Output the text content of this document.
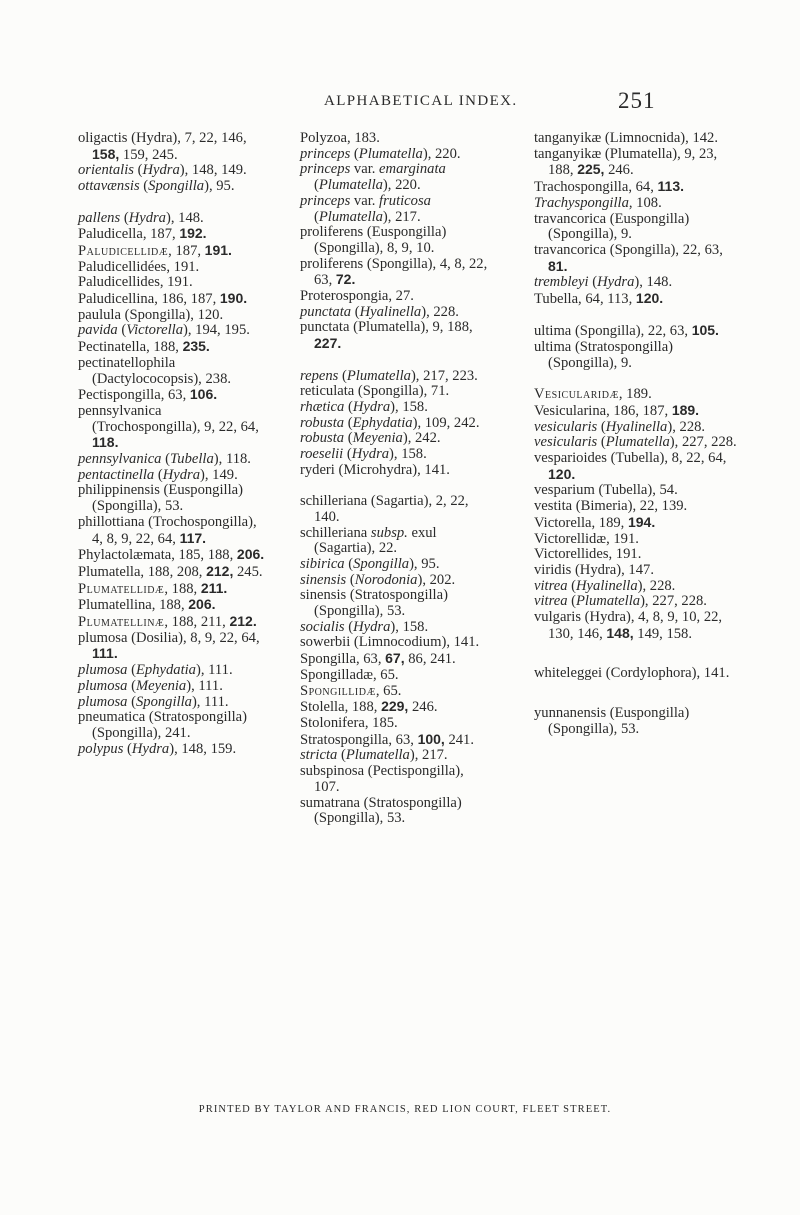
ALPHABETICAL INDEX.	251
oligactis (Hydra), 7, 22, 146, 158, 159, 245.
orientalis (Hydra), 148, 149.
ottavænsis (Spongilla), 95.
pallens (Hydra), 148.
Paludicella, 187, 192.
Paludicellidæ, 187, 191.
Paludicellidées, 191.
Paludicellides, 191.
Paludicellina, 186, 187, 190.
paulula (Spongilla), 120.
pavida (Victorella), 194, 195.
Pectinatella, 188, 235.
pectinatellophila (Dactylococopsis), 238.
Pectispongilla, 63, 106.
pennsylvanica (Trochospongilla), 9, 22, 64, 118.
pennsylvanica (Tubella), 118.
pentactinella (Hydra), 149.
philippinensis (Euspongilla) (Spongilla), 53.
phillottiana (Trochospongilla), 4, 8, 9, 22, 64, 117.
Phylactolæmata, 185, 188, 206.
Plumatella, 188, 208, 212, 245.
Plumatellidæ, 188, 211.
Plumatellina, 188, 206.
Plumatellinæ, 188, 211, 212.
plumosa (Dosilia), 8, 9, 22, 64, 111.
plumosa (Ephydatia), 111.
plumosa (Meyenia), 111.
plumosa (Spongilla), 111.
pneumatica (Stratospongilla) (Spongilla), 241.
polypus (Hydra), 148, 159.
Polyzoa, 183.
princeps (Plumatella), 220.
princeps var. emarginata (Plumatella), 220.
princeps var. fruticosa (Plumatella), 217.
proliferens (Euspongilla) (Spongilla), 8, 9, 10.
proliferens (Spongilla), 4, 8, 22, 63, 72.
Proterospongia, 27.
punctata (Hyalinella), 228.
punctata (Plumatella), 9, 188, 227.
repens (Plumatella), 217, 223.
reticulata (Spongilla), 71.
rhætica (Hydra), 158.
robusta (Ephydatia), 109, 242.
robusta (Meyenia), 242.
roeselii (Hydra), 158.
ryderi (Microhydra), 141.
schilleriana (Sagartia), 2, 22, 140.
schilleriana subsp. exul (Sagartia), 22.
sibirica (Spongilla), 95.
sinensis (Norodonia), 202.
sinensis (Stratospongilla) (Spongilla), 53.
socialis (Hydra), 158.
sowerbii (Limnocodium), 141.
Spongilla, 63, 67, 86, 241.
Spongilladæ, 65.
Spongillidæ, 65.
Stolella, 188, 229, 246.
Stolonifera, 185.
Stratospongilla, 63, 100, 241.
stricta (Plumatella), 217.
subspinosa (Pectispongilla), 107.
sumatrana (Stratospongilla) (Spongilla), 53.
tanganyikæ (Limnocnida), 142.
tanganyikæ (Plumatella), 9, 23, 188, 225, 246.
Trachospongilla, 64, 113.
Trachyspongilla, 108.
travancorica (Euspongilla) (Spongilla), 9.
travancorica (Spongilla), 22, 63, 81.
trembleyi (Hydra), 148.
Tubella, 64, 113, 120.
ultima (Spongilla), 22, 63, 105.
ultima (Stratospongilla) (Spongilla), 9.
Vesicularidæ, 189.
Vesicularina, 186, 187, 189.
vesicularis (Hyalinella), 228.
vesicularis (Plumatella), 227, 228.
vesparioides (Tubella), 8, 22, 64, 120.
vesparium (Tubella), 54.
vestita (Bimeria), 22, 139.
Victorella, 189, 194.
Victorellidæ, 191.
Victorellides, 191.
viridis (Hydra), 147.
vitrea (Hyalinella), 228.
vitrea (Plumatella), 227, 228.
vulgaris (Hydra), 4, 8, 9, 10, 22, 130, 146, 148, 149, 158.
whiteleggei (Cordylophora), 141.
yunnanensis (Euspongilla) (Spongilla), 53.
PRINTED BY TAYLOR AND FRANCIS, RED LION COURT, FLEET STREET.
